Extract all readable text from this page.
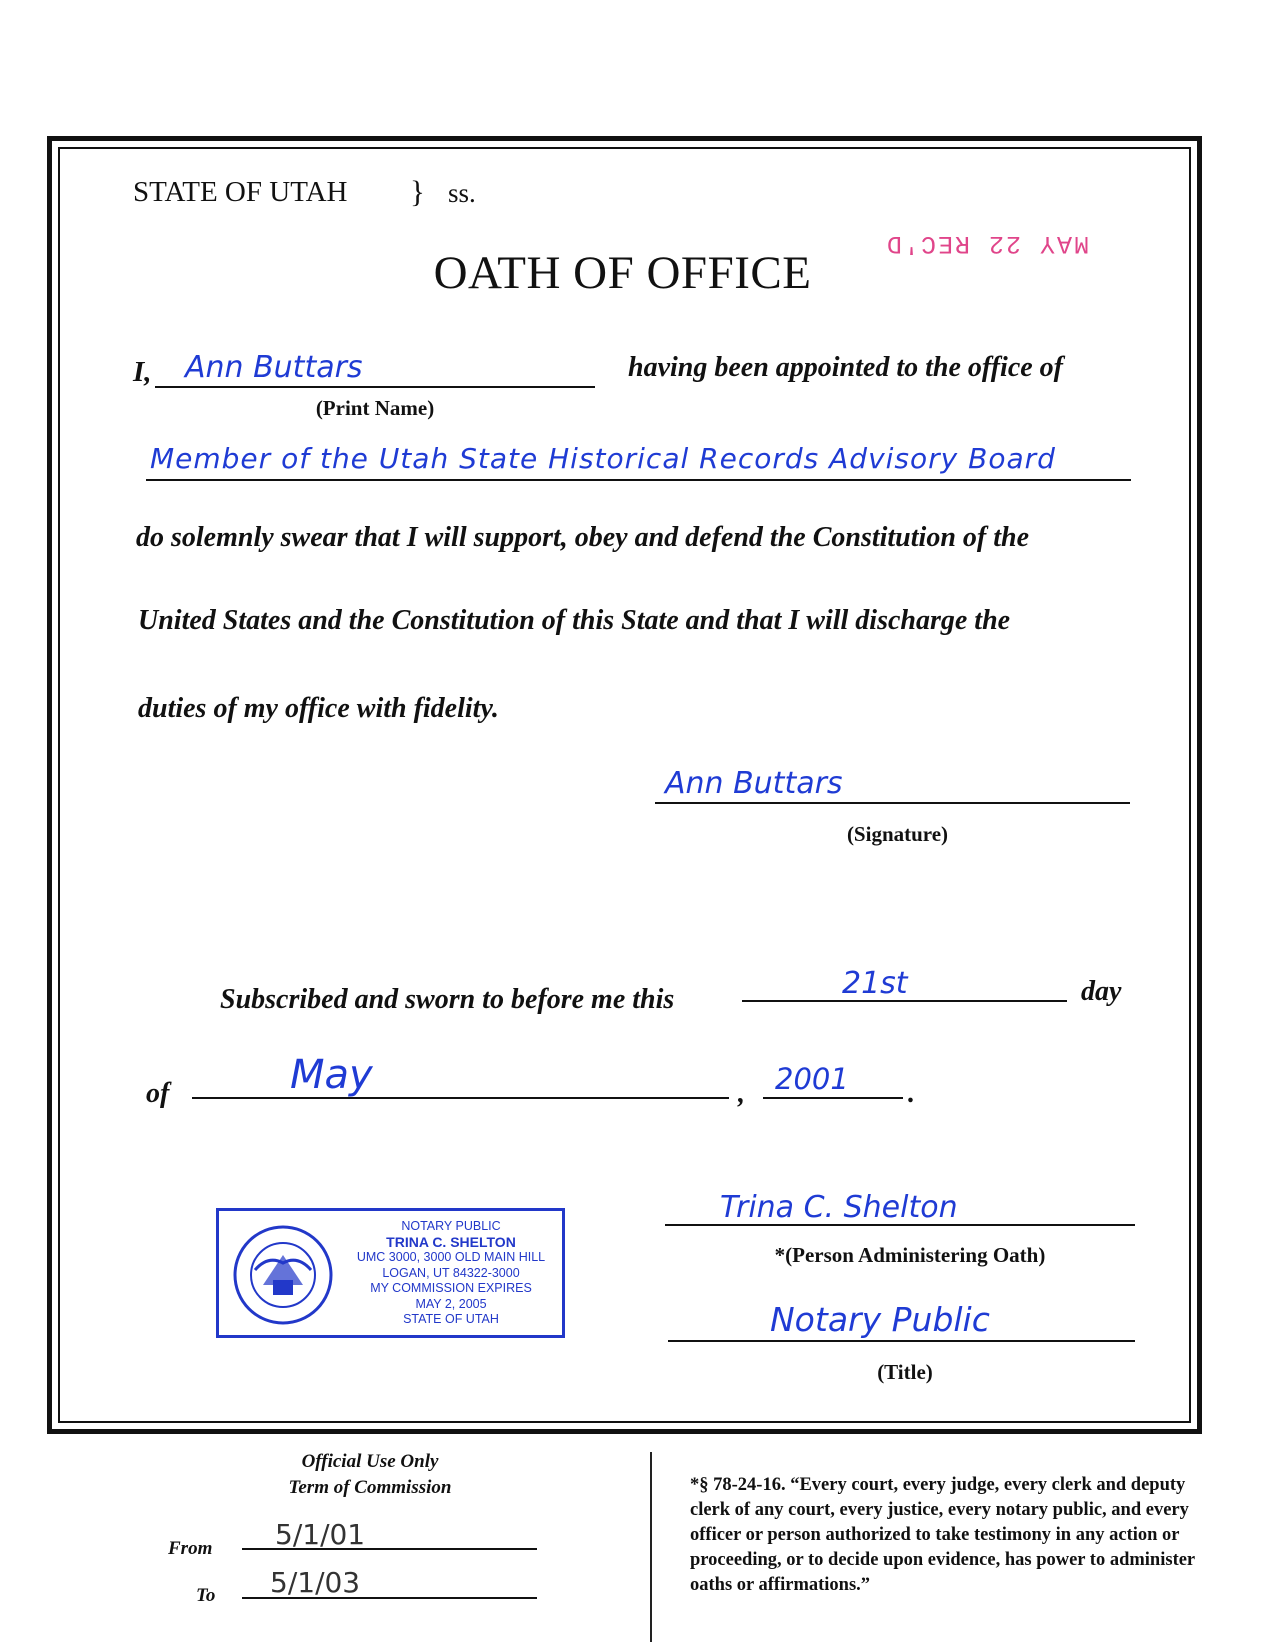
STATE OF UTAH } ss.
MAY 22 REC'D
OATH OF OFFICE
I, Ann Buttars
(Print Name)
having been appointed to the office of
Member of the Utah State Historical Records Advisory Board
do solemnly swear that I will support, obey and defend the Constitution of the
United States and the Constitution of this State and that I will discharge the
duties of my office with fidelity.
Ann Buttars
(Signature)
Subscribed and sworn to before me this	21st	day
of	May	, 2001 .
NOTARY PUBLIC
TRINA C. SHELTON
UMC 3000, 3000 OLD MAIN HILL
LOGAN, UT 84322-3000
MY COMMISSION EXPIRES
MAY 2, 2005
STATE OF UTAH
Trina C. Shelton
*(Person Administering Oath)
Notary Public
(Title)
Official Use Only
Term of Commission
From 5/1/01
To 5/1/03
*§ 78-24-16. “Every court, every judge, every clerk and deputy clerk of any court, every justice, every notary public, and every officer or person authorized to take testimony in any action or proceeding, or to decide upon evidence, has power to administer oaths or affirmations.”
